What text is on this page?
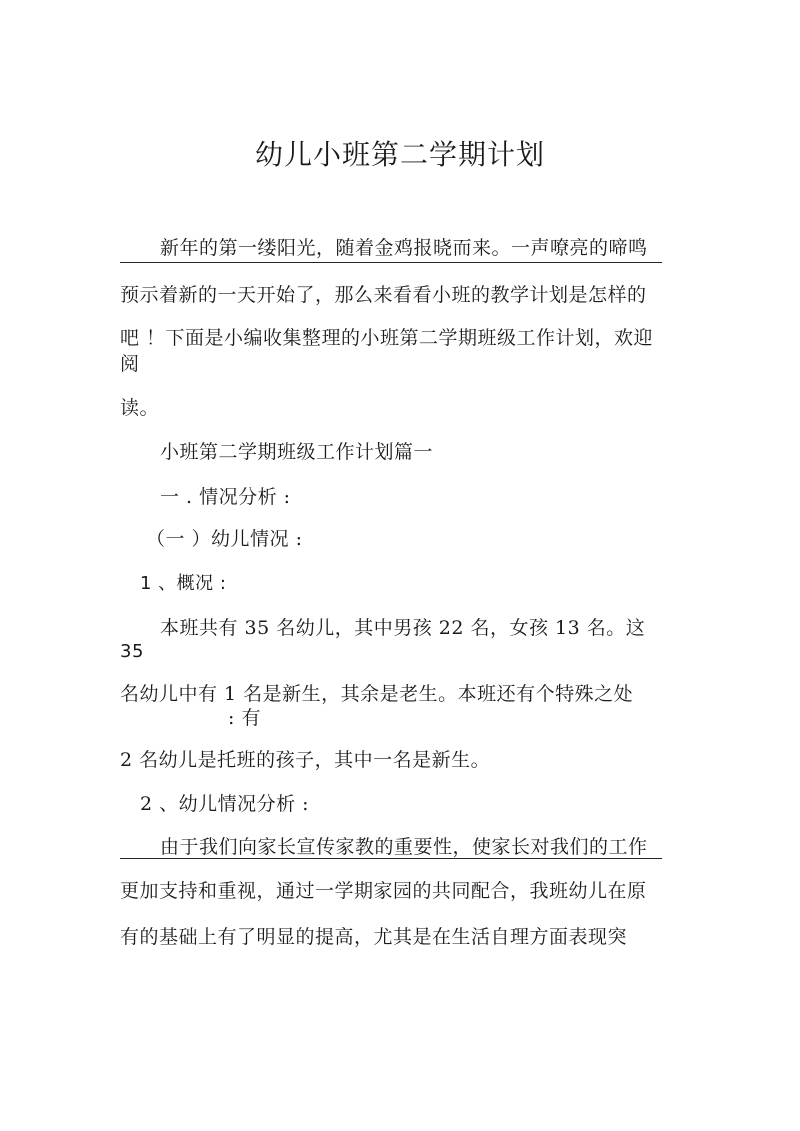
幼儿小班第二学期计划
新年的第一缕阳光，随着金鸡报晓而来。一声嘹亮的啼鸣
预示着新的一天开始了，那么来看看小班的教学计划是怎样的
吧 ！下面是小编收集整理的小班第二学期班级工作计划，欢迎
阅
读。
小班第二学期班级工作计划篇一
一 . 情况分析 :
（一 ）幼儿情况 :
1 、概况 :
本班共有 35 名幼儿，其中男孩 22 名，女孩 13 名。这
35
名幼儿中有 1 名是新生，其余是老生。本班还有个特殊之处
: 有
2 名幼儿是托班的孩子，其中一名是新生。
2 、幼儿情况分析 :
由于我们向家长宣传家教的重要性，使家长对我们的工作
更加支持和重视，通过一学期家园的共同配合，我班幼儿在原
有的基础上有了明显的提高，尤其是在生活自理方面表现突
